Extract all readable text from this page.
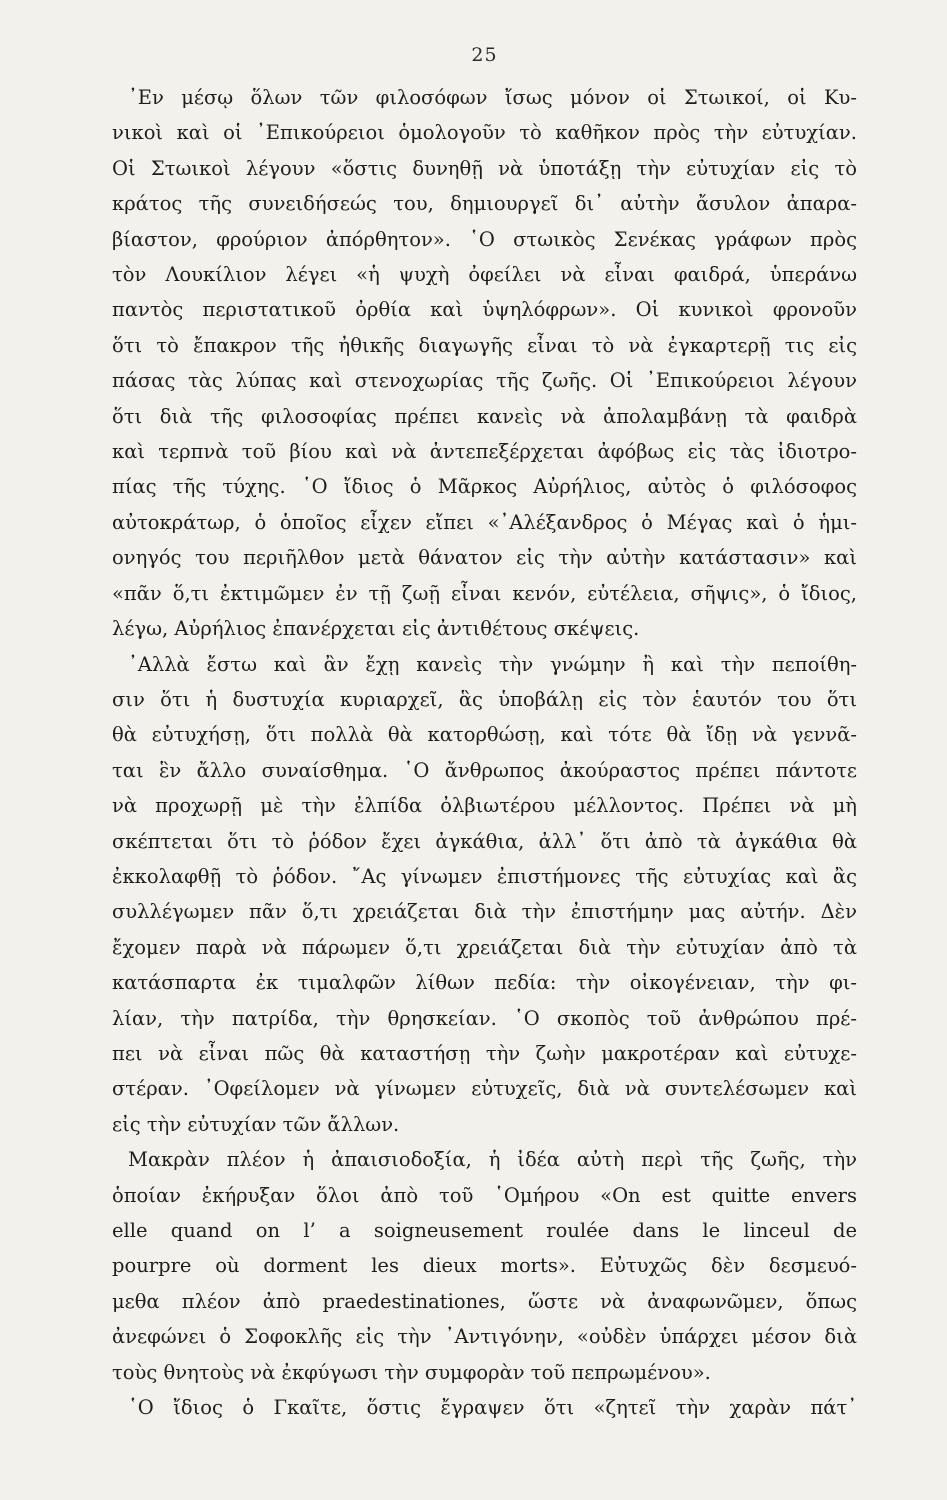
25

᾿Εν μέσῳ ὅλων τῶν φιλοσόφων ἴσως μόνον οἱ Στωικοί, οἱ Κυ-
νικοὶ καὶ οἱ ᾿Επικούρειοι ὁμολογοῦν τὸ καθῆκον πρὸς τὴν εὐτυχίαν.
Οἱ Στωικοὶ λέγουν «ὅστις δυνηθῇ νὰ ὑποτάξῃ τὴν εὐτυχίαν εἰς τὸ
κράτος τῆς συνειδήσεώς του, δημιουργεῖ δι᾿ αὐτὴν ἄσυλον ἀπαρα-
βίαστον, φρούριον ἀπόρθητον». ῾Ο στωικὸς Σενέκας γράφων πρὸς
τὸν Λουκίλιον λέγει «ἡ ψυχὴ ὀφείλει νὰ εἶναι φαιδρά, ὑπεράνω
παντὸς περιστατικοῦ ὀρθία καὶ ὑψηλόφρων». Οἱ κυνικοὶ φρονοῦν
ὅτι τὸ ἔπακρον τῆς ἠθικῆς διαγωγῆς εἶναι τὸ νὰ ἐγκαρτερῇ τις εἰς
πάσας τὰς λύπας καὶ στενοχωρίας τῆς ζωῆς. Οἱ ᾿Επικούρειοι λέγουν
ὅτι διὰ τῆς φιλοσοφίας πρέπει κανεὶς νὰ ἀπολαμβάνῃ τὰ φαιδρὰ
καὶ τερπνὰ τοῦ βίου καὶ νὰ ἀντεπεξέρχεται ἀφόβως εἰς τὰς ἰδιοτρο-
πίας τῆς τύχης. ῾Ο ἴδιος ὁ Μᾶρκος Αὐρήλιος, αὐτὸς ὁ φιλόσοφος
αὐτοκράτωρ, ὁ ὁποῖος εἶχεν εἴπει «᾿Αλέξανδρος ὁ Μέγας καὶ ὁ ἡμι-
ονηγός του περιῆλθον μετὰ θάνατον εἰς τὴν αὐτὴν κατάστασιν» καὶ
«πᾶν ὅ,τι ἐκτιμῶμεν ἐν τῇ ζωῇ εἶναι κενόν, εὐτέλεια, σῆψις», ὁ ἴδιος,
λέγω, Αὐρήλιος ἐπανέρχεται εἰς ἀντιθέτους σκέψεις.

᾿Αλλὰ ἔστω καὶ ἂν ἔχῃ κανεὶς τὴν γνώμην ἢ καὶ τὴν πεποίθη-
σιν ὅτι ἡ δυστυχία κυριαρχεῖ, ἃς ὑποβάλῃ εἰς τὸν ἑαυτόν του ὅτι
θὰ εὐτυχήσῃ, ὅτι πολλὰ θὰ κατορθώσῃ, καὶ τότε θὰ ἴδῃ νὰ γεννᾶ-
ται ἓν ἄλλο συναίσθημα. ῾Ο ἄνθρωπος ἀκούραστος πρέπει πάντοτε
νὰ προχωρῇ μὲ τὴν ἐλπίδα ὀλβιωτέρου μέλλοντος. Πρέπει νὰ μὴ
σκέπτεται ὅτι τὸ ῥόδον ἔχει ἀγκάθια, ἀλλ᾿ ὅτι ἀπὸ τὰ ἀγκάθια θὰ
ἐκκολαφθῇ τὸ ῥόδον. ῎Ας γίνωμεν ἐπιστήμονες τῆς εὐτυχίας καὶ ἂς
συλλέγωμεν πᾶν ὅ,τι χρειάζεται διὰ τὴν ἐπιστήμην μας αὐτήν. Δὲν
ἔχομεν παρὰ νὰ πάρωμεν ὅ,τι χρειάζεται διὰ τὴν εὐτυχίαν ἀπὸ τὰ
κατάσπαρτα ἐκ τιμαλφῶν λίθων πεδία: τὴν οἰκογένειαν, τὴν φι-
λίαν, τὴν πατρίδα, τὴν θρησκείαν. ῾Ο σκοπὸς τοῦ ἀνθρώπου πρέ-
πει νὰ εἶναι πῶς θὰ καταστήσῃ τὴν ζωὴν μακροτέραν καὶ εὐτυχε-
στέραν. ᾿Οφείλομεν νὰ γίνωμεν εὐτυχεῖς, διὰ νὰ συντελέσωμεν καὶ
εἰς τὴν εὐτυχίαν τῶν ἄλλων.

Μακρὰν πλέον ἡ ἀπαισιοδοξία, ἡ ἰδέα αὐτὴ περὶ τῆς ζωῆς, τὴν
ὁποίαν ἐκήρυξαν ὅλοι ἀπὸ τοῦ ῾Ομήρου «On est quitte envers
elle quand on l’ a soigneusement roulée dans le linceul de
pourpre où dorment les dieux morts». Εὐτυχῶς δὲν δεσμευό-
μεθα πλέον ἀπὸ praedestinationes, ὥστε νὰ ἀναφωνῶμεν, ὅπως
ἀνεφώνει ὁ Σοφοκλῆς εἰς τὴν ᾿Αντιγόνην, «οὐδὲν ὑπάρχει μέσον διὰ
τοὺς θνητοὺς νὰ ἐκφύγωσι τὴν συμφορὰν τοῦ πεπρωμένου».

῾Ο ἴδιος ὁ Γκαῖτε, ὅστις ἔγραψεν ὅτι «ζητεῖ τὴν χαρὰν πάτ᾿
